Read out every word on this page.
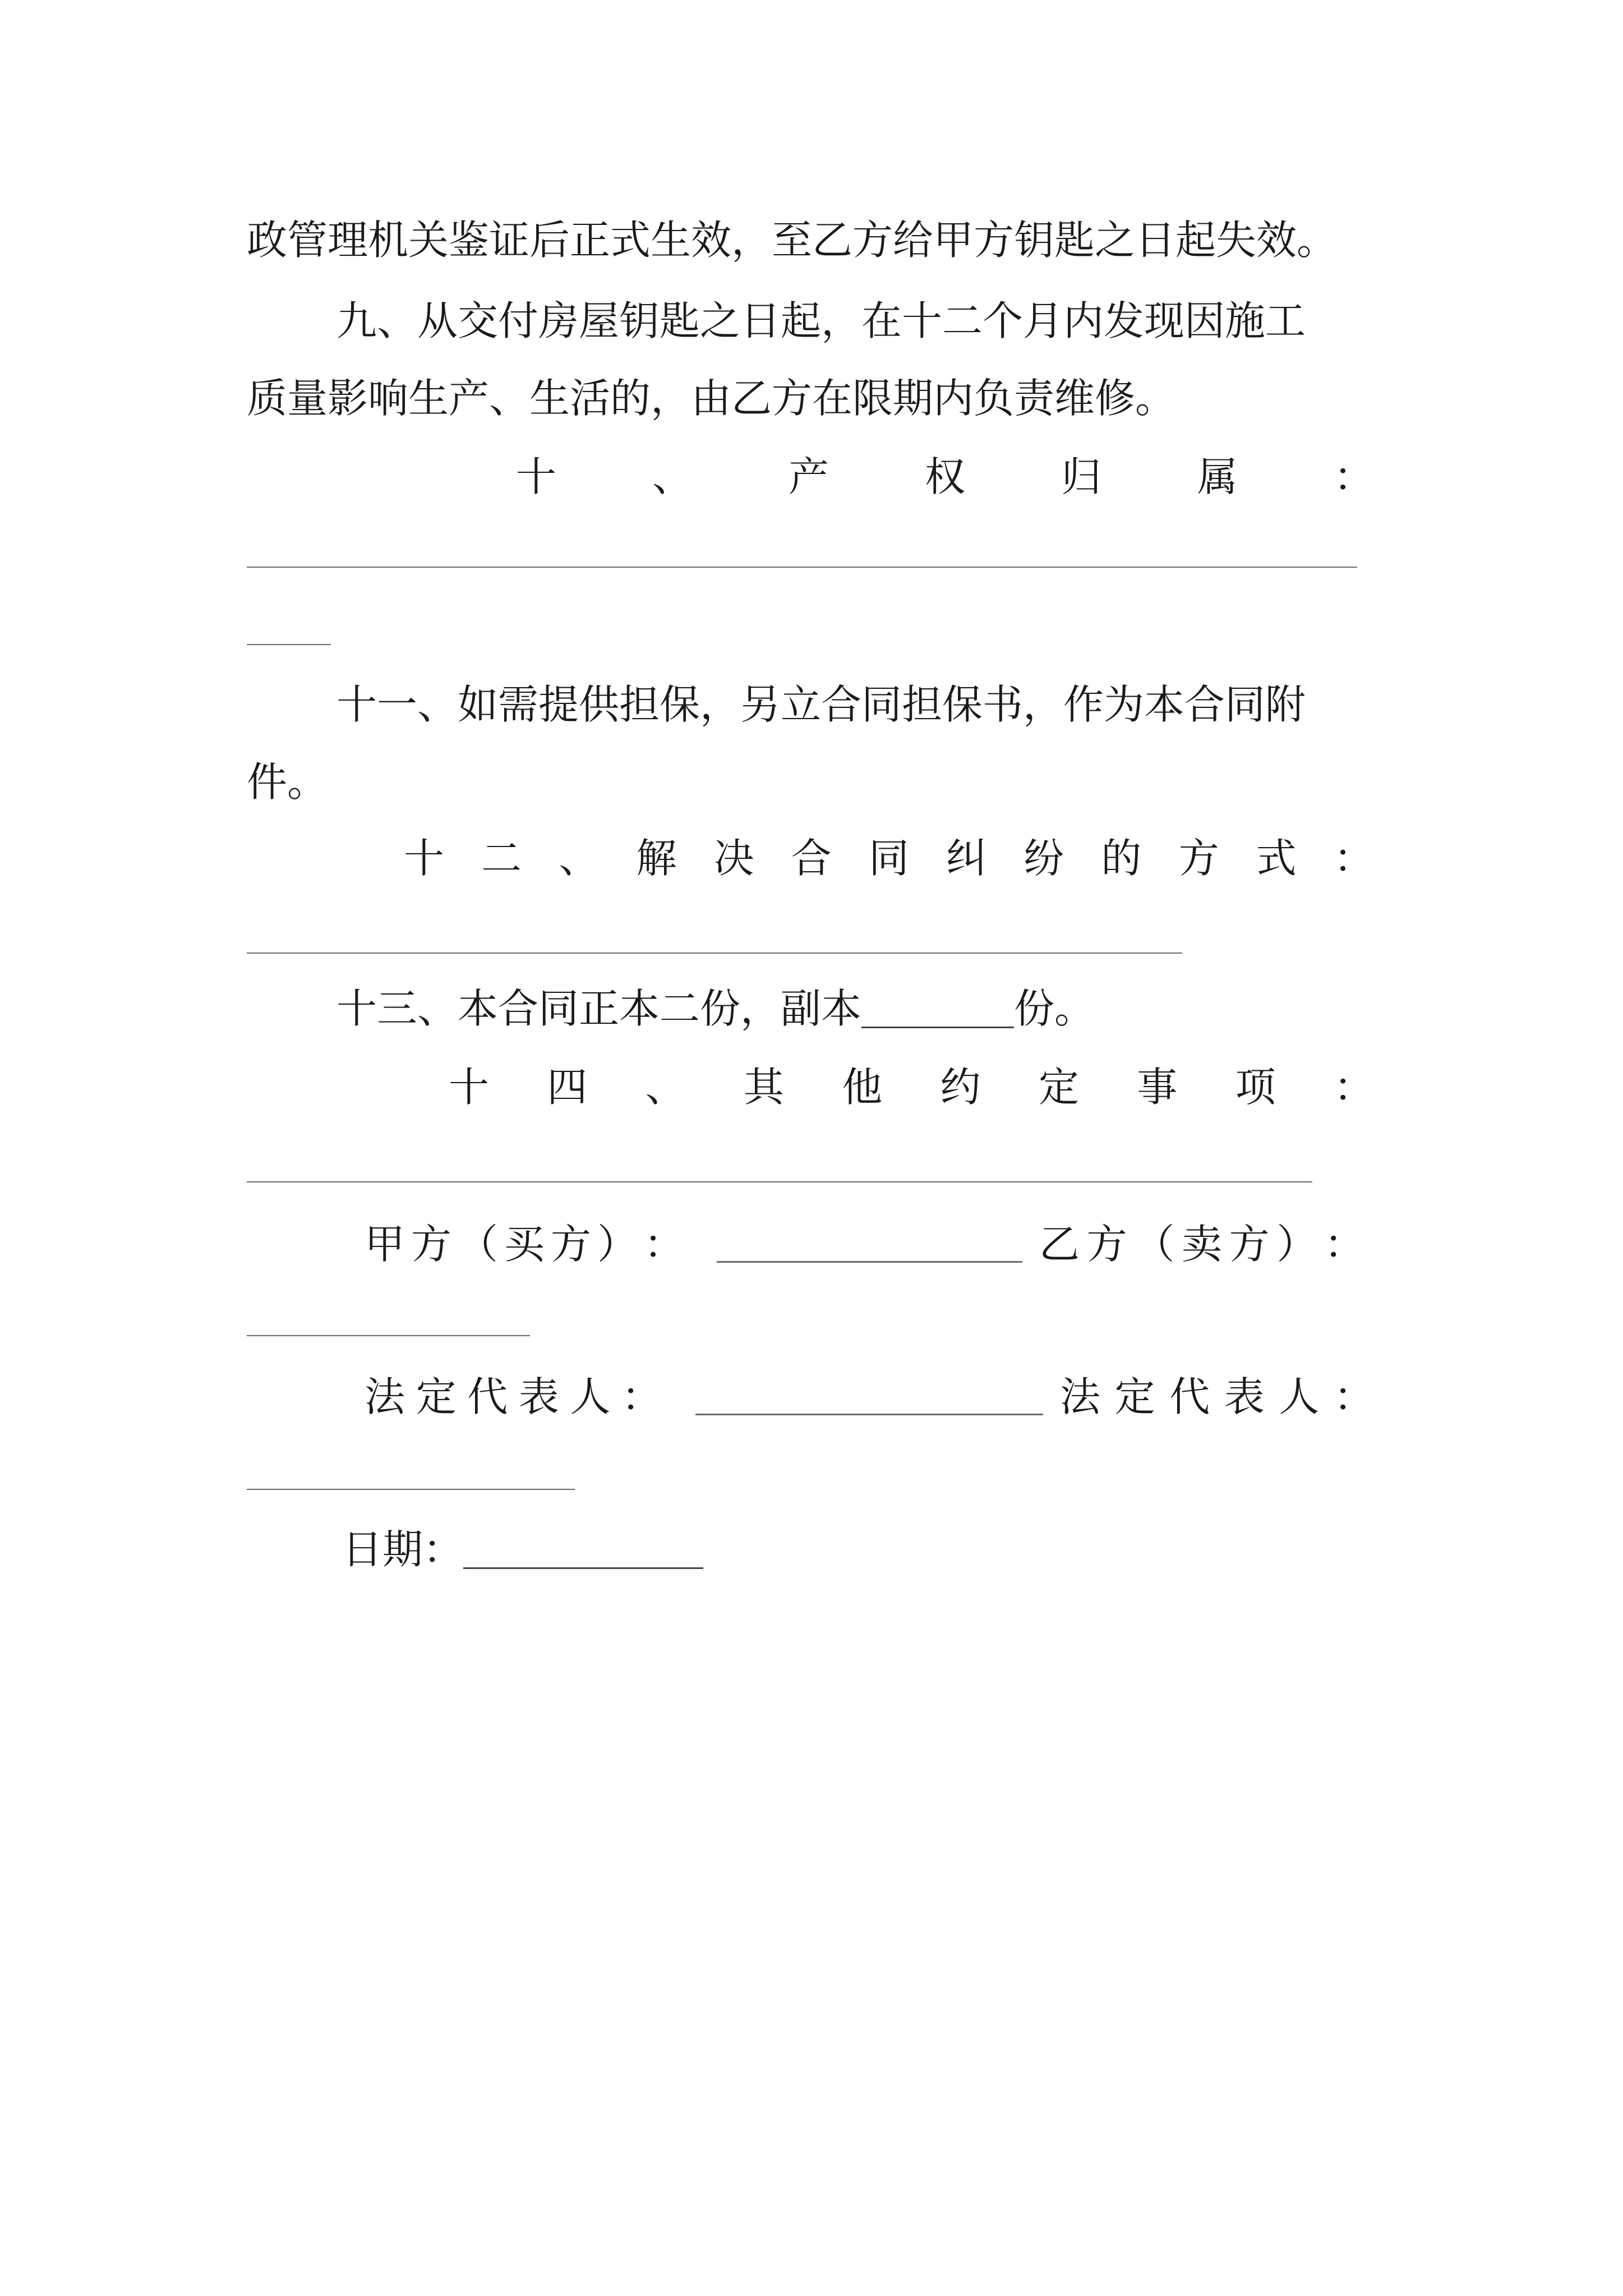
政管理机关鉴证后正式生效，至乙方给甲方钥匙之日起失效。
九、从交付房屋钥匙之日起，在十二个月内发现因施工
质量影响生产、生活的，由乙方在限期内负责维修。
十 、 产 权 归 属 ：
十一、如需提供担保，另立合同担保书，作为本合同附
件。
十 二 、 解 决 合 同 纠 纷 的 方 式 ：
十三、本合同正本二份，副本	份。
十 四 、 其 他 约 定 事 项 ：
甲 方 （ 买 方 ） ：	乙 方 （ 卖 方 ） ：
法 定 代 表 人 ：	法 定 代 表 人 ：
日期：
